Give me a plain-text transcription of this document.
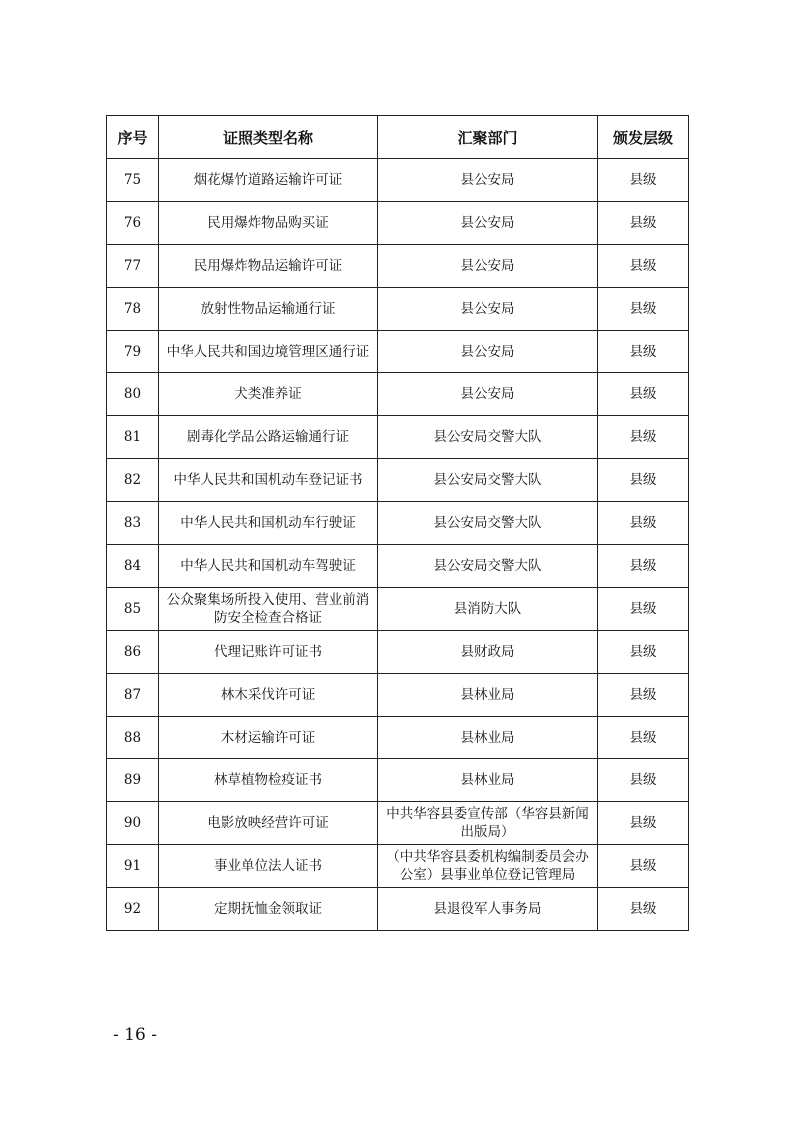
序号	证照类型名称	汇聚部门	颁发层级
75	烟花爆竹道路运输许可证	县公安局	县级
76	民用爆炸物品购买证	县公安局	县级
77	民用爆炸物品运输许可证	县公安局	县级
78	放射性物品运输通行证	县公安局	县级
79	中华人民共和国边境管理区通行证	县公安局	县级
80	犬类准养证	县公安局	县级
81	剧毒化学品公路运输通行证	县公安局交警大队	县级
82	中华人民共和国机动车登记证书	县公安局交警大队	县级
83	中华人民共和国机动车行驶证	县公安局交警大队	县级
84	中华人民共和国机动车驾驶证	县公安局交警大队	县级
85	公众聚集场所投入使用、营业前消防安全检查合格证	县消防大队	县级
86	代理记账许可证书	县财政局	县级
87	林木采伐许可证	县林业局	县级
88	木材运输许可证	县林业局	县级
89	林草植物检疫证书	县林业局	县级
90	电影放映经营许可证	中共华容县委宣传部（华容县新闻出版局）	县级
91	事业单位法人证书	（中共华容县委机构编制委员会办公室）县事业单位登记管理局	县级
92	定期抚恤金领取证	县退役军人事务局	县级
- 16 -
